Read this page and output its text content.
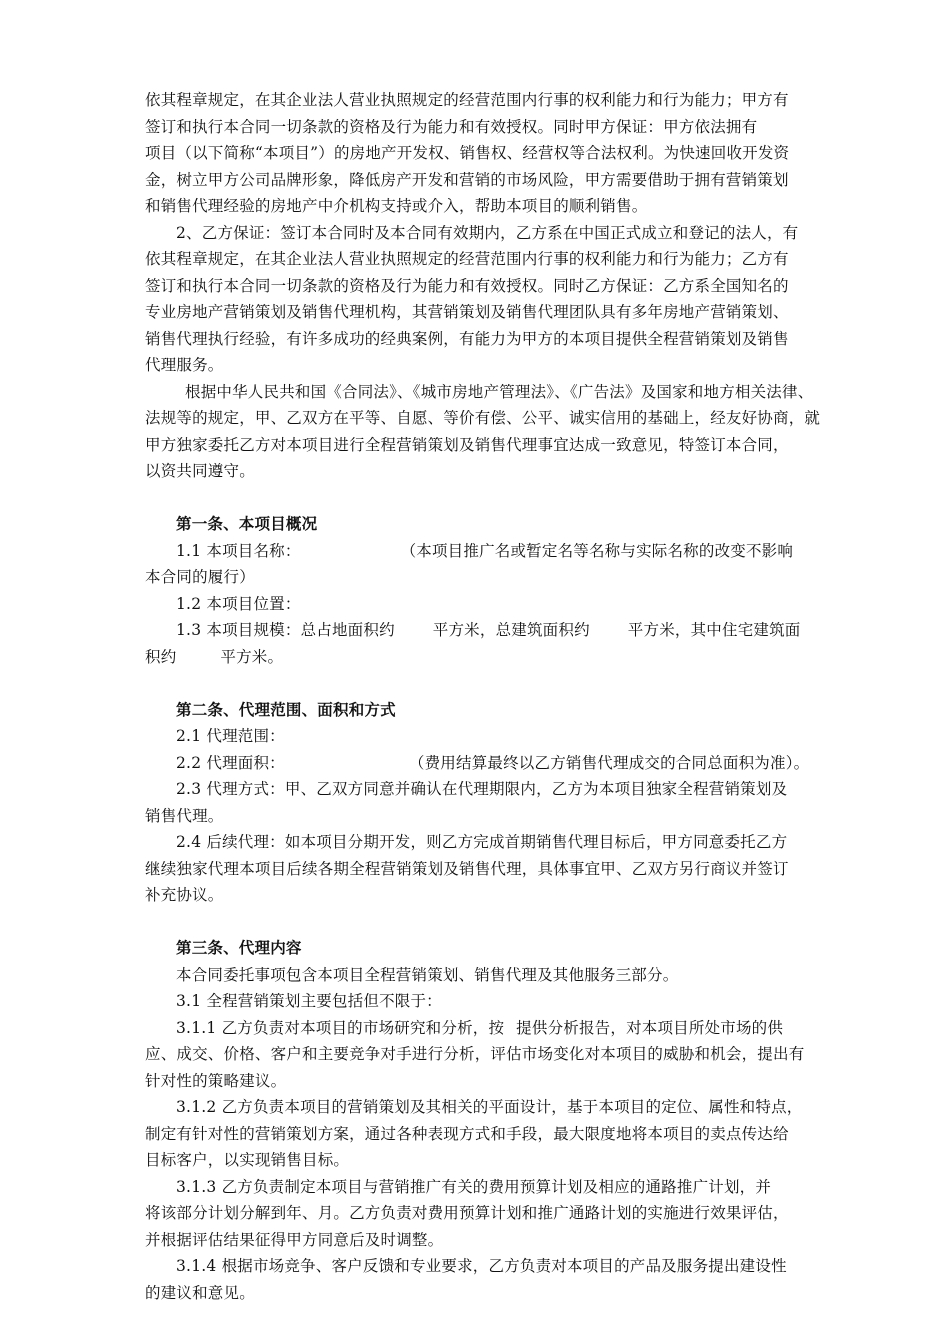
依其程章规定，在其企业法人营业执照规定的经营范围内行事的权利能力和行为能力；甲方有
签订和执行本合同一切条款的资格及行为能力和有效授权。同时甲方保证：甲方依法拥有
项目（以下简称“本项目”）的房地产开发权、销售权、经营权等合法权利。为快速回收开发资
金，树立甲方公司品牌形象，降低房产开发和营销的市场风险，甲方需要借助于拥有营销策划
和销售代理经验的房地产中介机构支持或介入，帮助本项目的顺利销售。
2、乙方保证：签订本合同时及本合同有效期内，乙方系在中国正式成立和登记的法人，有
依其程章规定，在其企业法人营业执照规定的经营范围内行事的权利能力和行为能力；乙方有
签订和执行本合同一切条款的资格及行为能力和有效授权。同时乙方保证：乙方系全国知名的
专业房地产营销策划及销售代理机构，其营销策划及销售代理团队具有多年房地产营销策划、
销售代理执行经验，有许多成功的经典案例，有能力为甲方的本项目提供全程营销策划及销售
代理服务。
根据中华人民共和国《合同法》、《城市房地产管理法》、《广告法》及国家和地方相关法律、
法规等的规定，甲、乙双方在平等、自愿、等价有偿、公平、诚实信用的基础上，经友好协商，就
甲方独家委托乙方对本项目进行全程营销策划及销售代理事宜达成一致意见，特签订本合同，
以资共同遵守。
第一条、本项目概况
1.1 本项目名称：	（本项目推广名或暂定名等名称与实际名称的改变不影响
本合同的履行）
1.2 本项目位置：
1.3 本项目规模：总占地面积约 平方米，总建筑面积约 平方米，其中住宅建筑面
积约	平方米。
第二条、代理范围、面积和方式
2.1 代理范围：
2.2 代理面积：	（费用结算最终以乙方销售代理成交的合同总面积为准）。
2.3 代理方式：甲、乙双方同意并确认在代理期限内，乙方为本项目独家全程营销策划及
销售代理。
2.4 后续代理：如本项目分期开发，则乙方完成首期销售代理目标后，甲方同意委托乙方
继续独家代理本项目后续各期全程营销策划及销售代理，具体事宜甲、乙双方另行商议并签订
补充协议。
第三条、代理内容
本合同委托事项包含本项目全程营销策划、销售代理及其他服务三部分。
3.1 全程营销策划主要包括但不限于：
3.1.1 乙方负责对本项目的市场研究和分析，按 提供分析报告，对本项目所处市场的供
应、成交、价格、客户和主要竞争对手进行分析，评估市场变化对本项目的威胁和机会，提出有
针对性的策略建议。
3.1.2 乙方负责本项目的营销策划及其相关的平面设计，基于本项目的定位、属性和特点，
制定有针对性的营销策划方案，通过各种表现方式和手段，最大限度地将本项目的卖点传达给
目标客户，以实现销售目标。
3.1.3 乙方负责制定本项目与营销推广有关的费用预算计划及相应的通路推广计划，并
将该部分计划分解到年、月。乙方负责对费用预算计划和推广通路计划的实施进行效果评估，
并根据评估结果征得甲方同意后及时调整。
3.1.4 根据市场竞争、客户反馈和专业要求，乙方负责对本项目的产品及服务提出建设性
的建议和意见。
